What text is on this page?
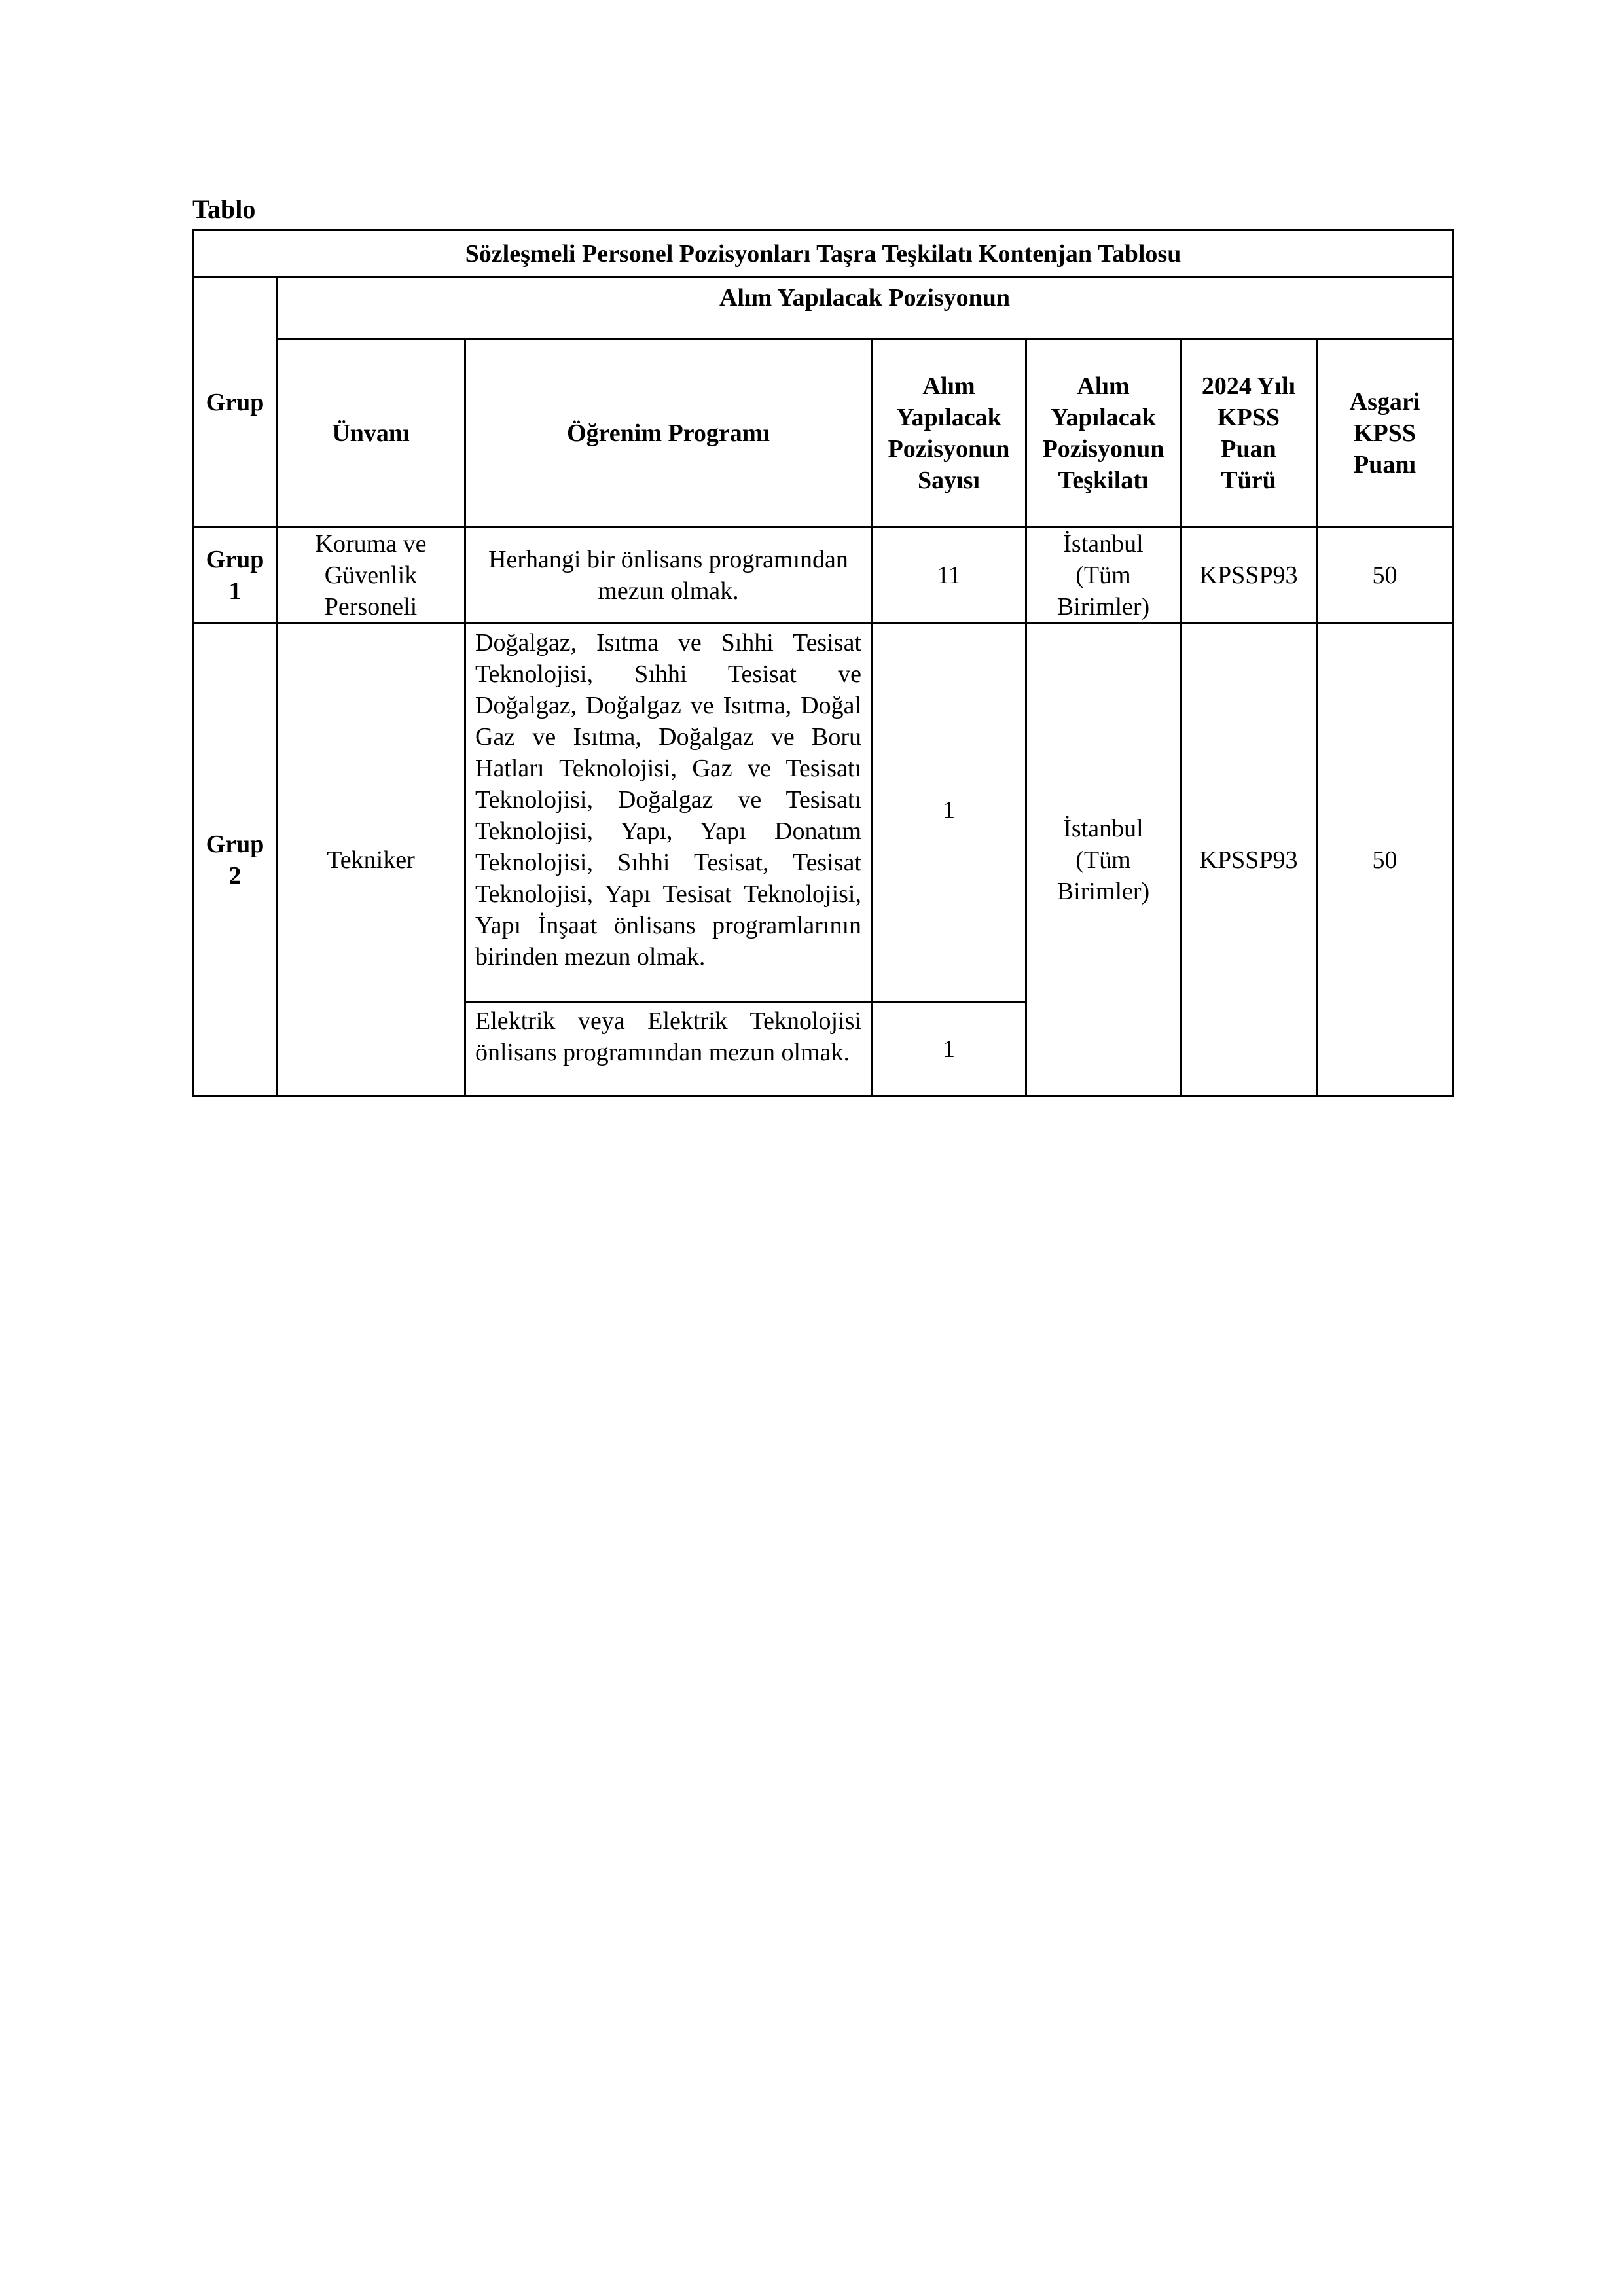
Tablo
Sözleşmeli Personel Pozisyonları Taşra Teşkilatı Kontenjan Tablosu						
Grup	Alım Yapılacak Pozisyonun					
	Ünvanı	Öğrenim Programı	Alım Yapılacak Pozisyonun Sayısı	Alım Yapılacak Pozisyonun Teşkilatı	2024 Yılı KPSS Puan Türü	Asgari KPSS Puanı
Grup 1	Koruma ve Güvenlik Personeli	Herhangi bir önlisans programından mezun olmak.	11	İstanbul (Tüm Birimler)	KPSSP93	50
Grup 2	Tekniker	Doğalgaz, Isıtma ve Sıhhi Tesisat Teknolojisi, Sıhhi Tesisat ve Doğalgaz, Doğalgaz ve Isıtma, Doğal Gaz ve Isıtma, Doğalgaz ve Boru Hatları Teknolojisi, Gaz ve Tesisatı Teknolojisi, Doğalgaz ve Tesisatı Teknolojisi, Yapı, Yapı Donatım Teknolojisi, Sıhhi Tesisat, Tesisat Teknolojisi, Yapı Tesisat Teknolojisi, Yapı İnşaat önlisans programlarının birinden mezun olmak.	1	İstanbul (Tüm Birimler)	KPSSP93	50
		Elektrik veya Elektrik Teknolojisi önlisans programından mezun olmak.	1			
